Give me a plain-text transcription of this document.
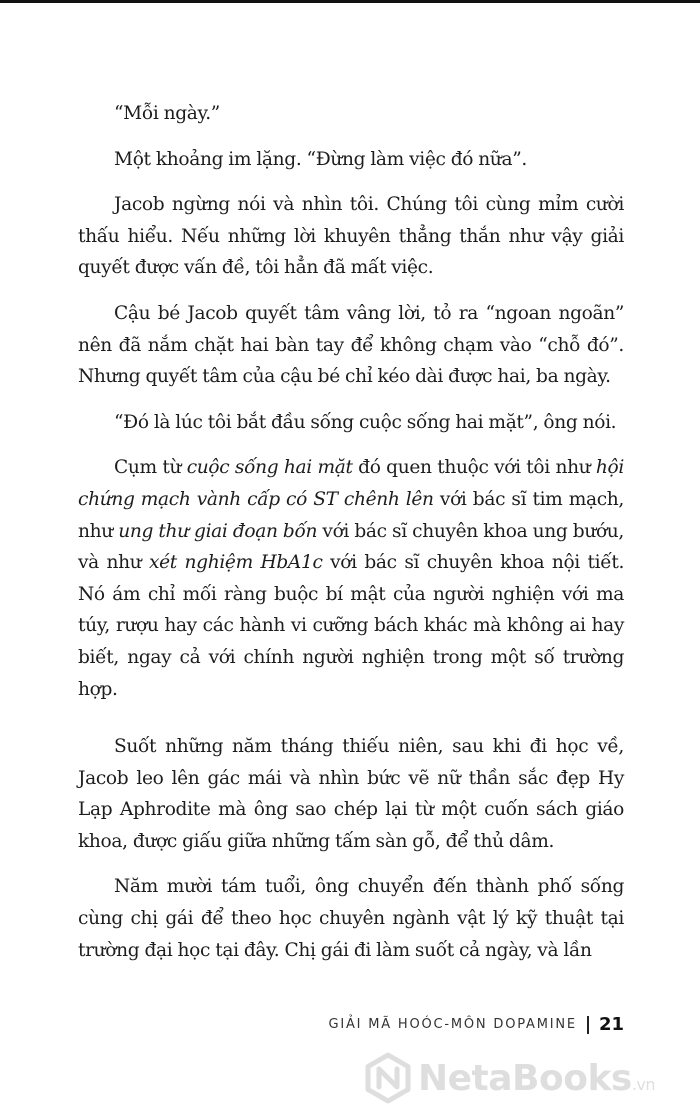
“Mỗi ngày.”

Một khoảng im lặng. “Đừng làm việc đó nữa”.

Jacob ngừng nói và nhìn tôi. Chúng tôi cùng mỉm cười thấu hiểu. Nếu những lời khuyên thẳng thắn như vậy giải quyết được vấn đề, tôi hẳn đã mất việc.

Cậu bé Jacob quyết tâm vâng lời, tỏ ra “ngoan ngoãn” nên đã nắm chặt hai bàn tay để không chạm vào “chỗ đó”. Nhưng quyết tâm của cậu bé chỉ kéo dài được hai, ba ngày.

“Đó là lúc tôi bắt đầu sống cuộc sống hai mặt”, ông nói.

Cụm từ cuộc sống hai mặt đó quen thuộc với tôi như hội chứng mạch vành cấp có ST chênh lên với bác sĩ tim mạch, như ung thư giai đoạn bốn với bác sĩ chuyên khoa ung bướu, và như xét nghiệm HbA1c với bác sĩ chuyên khoa nội tiết. Nó ám chỉ mối ràng buộc bí mật của người nghiện với ma túy, rượu hay các hành vi cưỡng bách khác mà không ai hay biết, ngay cả với chính người nghiện trong một số trường hợp.

Suốt những năm tháng thiếu niên, sau khi đi học về, Jacob leo lên gác mái và nhìn bức vẽ nữ thần sắc đẹp Hy Lạp Aphrodite mà ông sao chép lại từ một cuốn sách giáo khoa, được giấu giữa những tấm sàn gỗ, để thủ dâm.

Năm mười tám tuổi, ông chuyển đến thành phố sống cùng chị gái để theo học chuyên ngành vật lý kỹ thuật tại trường đại học tại đây. Chị gái đi làm suốt cả ngày, và lần

GIẢI MÃ HOÓC-MÔN DOPAMINE 21
NetaBooks.vn
